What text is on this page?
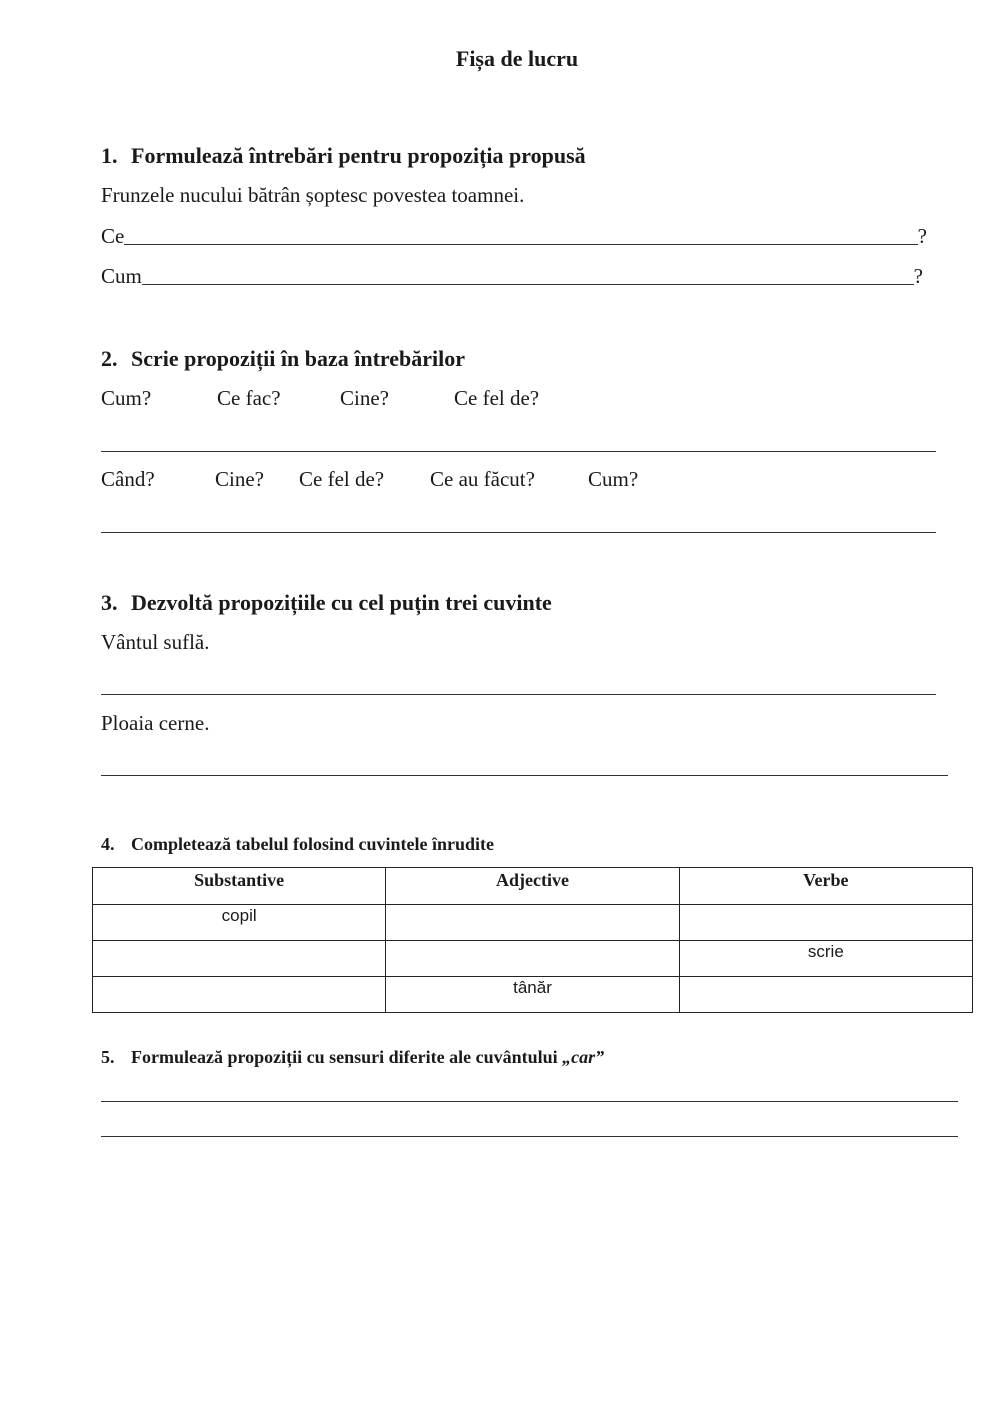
Fișa de lucru
1. Formulează întrebări pentru propoziția propusă
Frunzele nucului bătrân șoptesc povestea toamnei.
Ce	?
Cum	?
2. Scrie propoziții în baza întrebărilor
Cum?	Ce fac?	Cine?	Ce fel de?
Când?	Cine? Ce fel de? Ce au făcut?	Cum?
3. Dezvoltă propozițiile cu cel puțin trei cuvinte
Vântul suflă.
Ploaia cerne.
4. Completează tabelul folosind cuvintele înrudite
Substantive	Adjective	Verbe
copil		
		scrie
	tânăr	
5. Formulează propoziții cu sensuri diferite ale cuvântului „car”
